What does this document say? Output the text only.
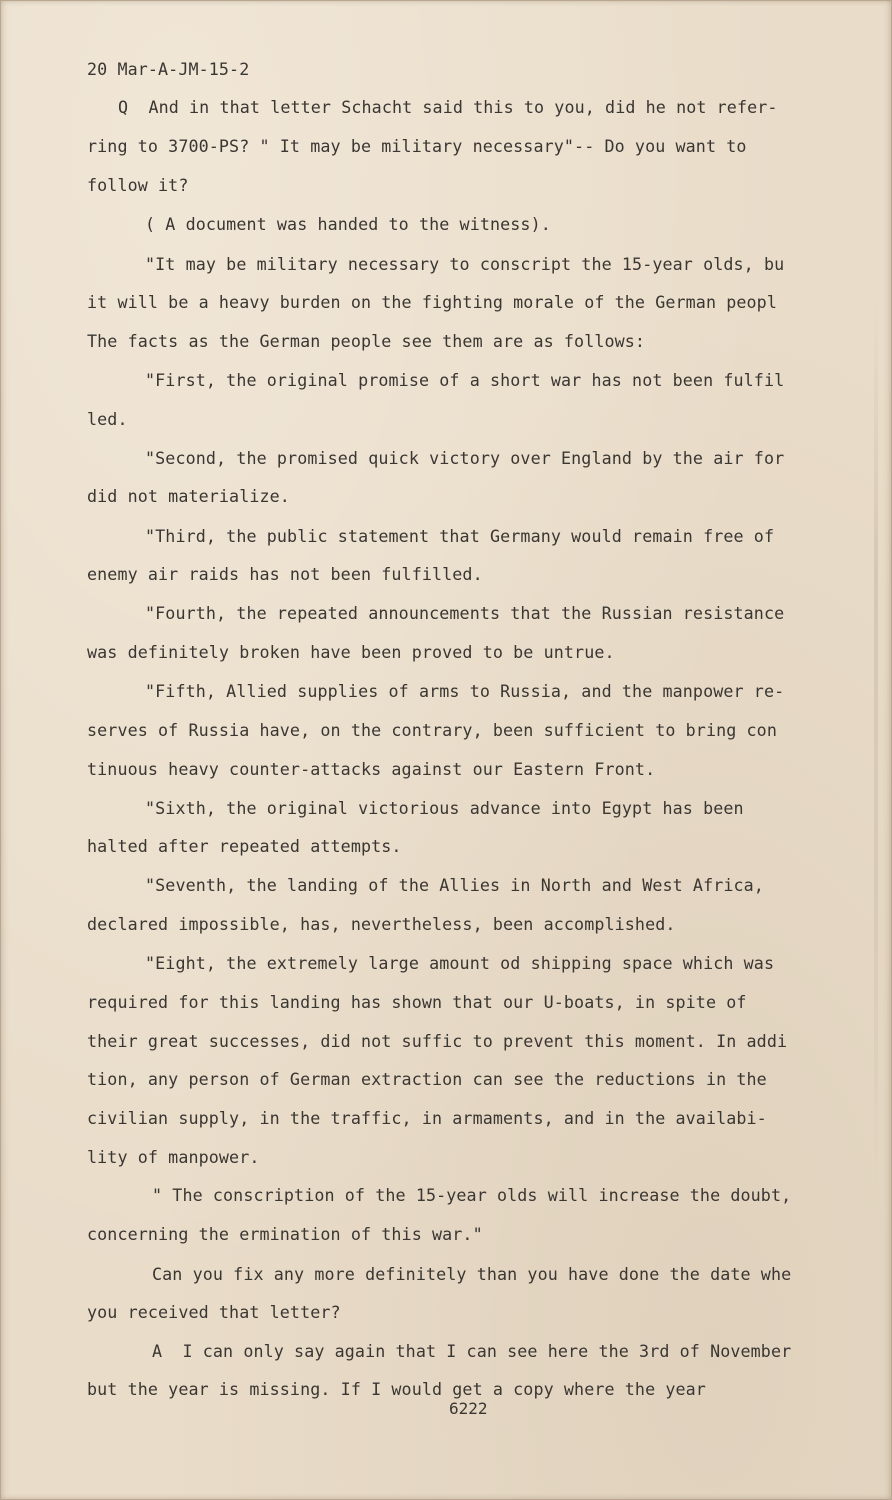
20 Mar-A-JM-15-2

Q  And in that letter Schacht said this to you, did he not refer-

ring to 3700-PS? " It may be military necessary"-- Do you want to

follow it?

( A document was handed to the witness).

"It may be military necessary to conscript the 15-year olds, bu

it will be a heavy burden on the fighting morale of the German peopl

The facts as the German people see them are as follows:

"First, the original promise of a short war has not been fulfil

led.

"Second, the promised quick victory over England by the air for

did not materialize.

"Third, the public statement that Germany would remain free of

enemy air raids has not been fulfilled.

"Fourth, the repeated announcements that the Russian resistance

was definitely broken have been proved to be untrue.

"Fifth, Allied supplies of arms to Russia, and the manpower re-

serves of Russia have, on the contrary, been sufficient to bring con

tinuous heavy counter-attacks against our Eastern Front.

"Sixth, the original victorious advance into Egypt has been

halted after repeated attempts.

"Seventh, the landing of the Allies in North and West Africa,

declared impossible, has, nevertheless, been accomplished.

"Eight, the extremely large amount od shipping space which was

required for this landing has shown that our U-boats, in spite of

their great successes, did not suffic to prevent this moment. In addi

tion, any person of German extraction can see the reductions in the

civilian supply, in the traffic, in armaments, and in the availabi-

lity of manpower.

" The conscription of the 15-year olds will increase the doubt,

concerning the ermination of this war."

Can you fix any more definitely than you have done the date whe

you received that letter?

A  I can only say again that I can see here the 3rd of November

but the year is missing. If I would get a copy where the year

6222
